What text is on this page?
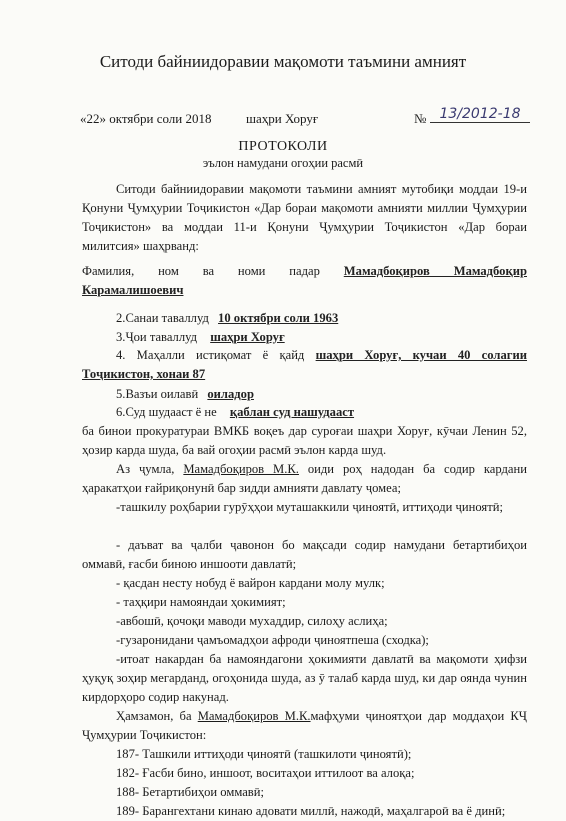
Ситоди байниидоравии мақомоти таъмини амният
«22» октябри соли 2018	шаҳри Хоруғ	№ 13/2012-18
ПРОТОКОЛИ
эълон намудани огоҳии расмӣ
Ситоди байниидоравии мақомоти таъмини амният мутобиқи моддаи 19-и Қонуни Ҷумҳурии Тоҷикистон «Дар бораи мақомоти амнияти миллии Ҷумҳурии Тоҷикистон» ва моддаи 11-и Қонуни Ҷумҳурии Тоҷикистон «Дар бораи милитсия» шаҳрванд:
Фамилия, ном ва номи падар Мамадбоқиров Мамадбоқир
Карамалишоевич
2.Санаи таваллуд 10 октябри соли 1963
3.Ҷои таваллуд шаҳри Хоруғ
4. Маҳалли истиқомат ё қайд шаҳри Хоруғ, кучаи 40 солагии
Тоҷикистон, хонаи 87
5.Вазъи оилавӣ оиладор
6.Суд шудааст ё не қаблан суд нашудааст
ба бинои прокуратураи ВМКБ воқеъ дар суроғаи шаҳри Хоруғ, кӯчаи Ленин 52, ҳозир карда шуда, ба вай огоҳии расмӣ эълон карда шуд.
Аз ҷумла, Мамадбоқиров М.К. оиди роҳ надодан ба содир кардани ҳаракатҳои ғайриқонунӣ бар зидди амнияти давлату ҷомеа;
-ташкилу роҳбарии гурӯҳҳои муташаккили ҷиноятӣ, иттиҳоди ҷиноятӣ;
- даъват ва ҷалби ҷавонон бо мақсади содир намудани бетартибиҳои оммавӣ, ғасби биною иншооти давлатӣ;
- қасдан несту нобуд ё вайрон кардани молу мулк;
- таҳқири намояндаи ҳокимият;
-авбошӣ, қочоқи маводи мухаддир, силоҳу аслиҳа;
-гузаронидани ҷамъомадҳои афроди ҷиноятпеша (сходка);
-итоат накардан ба намояндагони ҳокимияти давлатӣ ва мақомоти ҳифзи ҳуқуқ зоҳир мегарданд, огоҳонида шуда, аз ӯ талаб карда шуд, ки дар оянда чунин кирдорҳоро содир накунад.
Ҳамзамон, ба Мамадбоқиров М.К.мафҳуми ҷиноятҳои дар моддаҳои КҶ Ҷумҳурии Тоҷикистон:
187- Ташкили иттиҳоди ҷиноятӣ (ташкилоти ҷиноятӣ);
182- Ғасби бино, иншоот, воситаҳои иттилоот ва алоқа;
188- Бетартибиҳои оммавӣ;
189- Барангехтани кинаю адовати миллӣ, нажодӣ, маҳалгароӣ ва ё динӣ;
